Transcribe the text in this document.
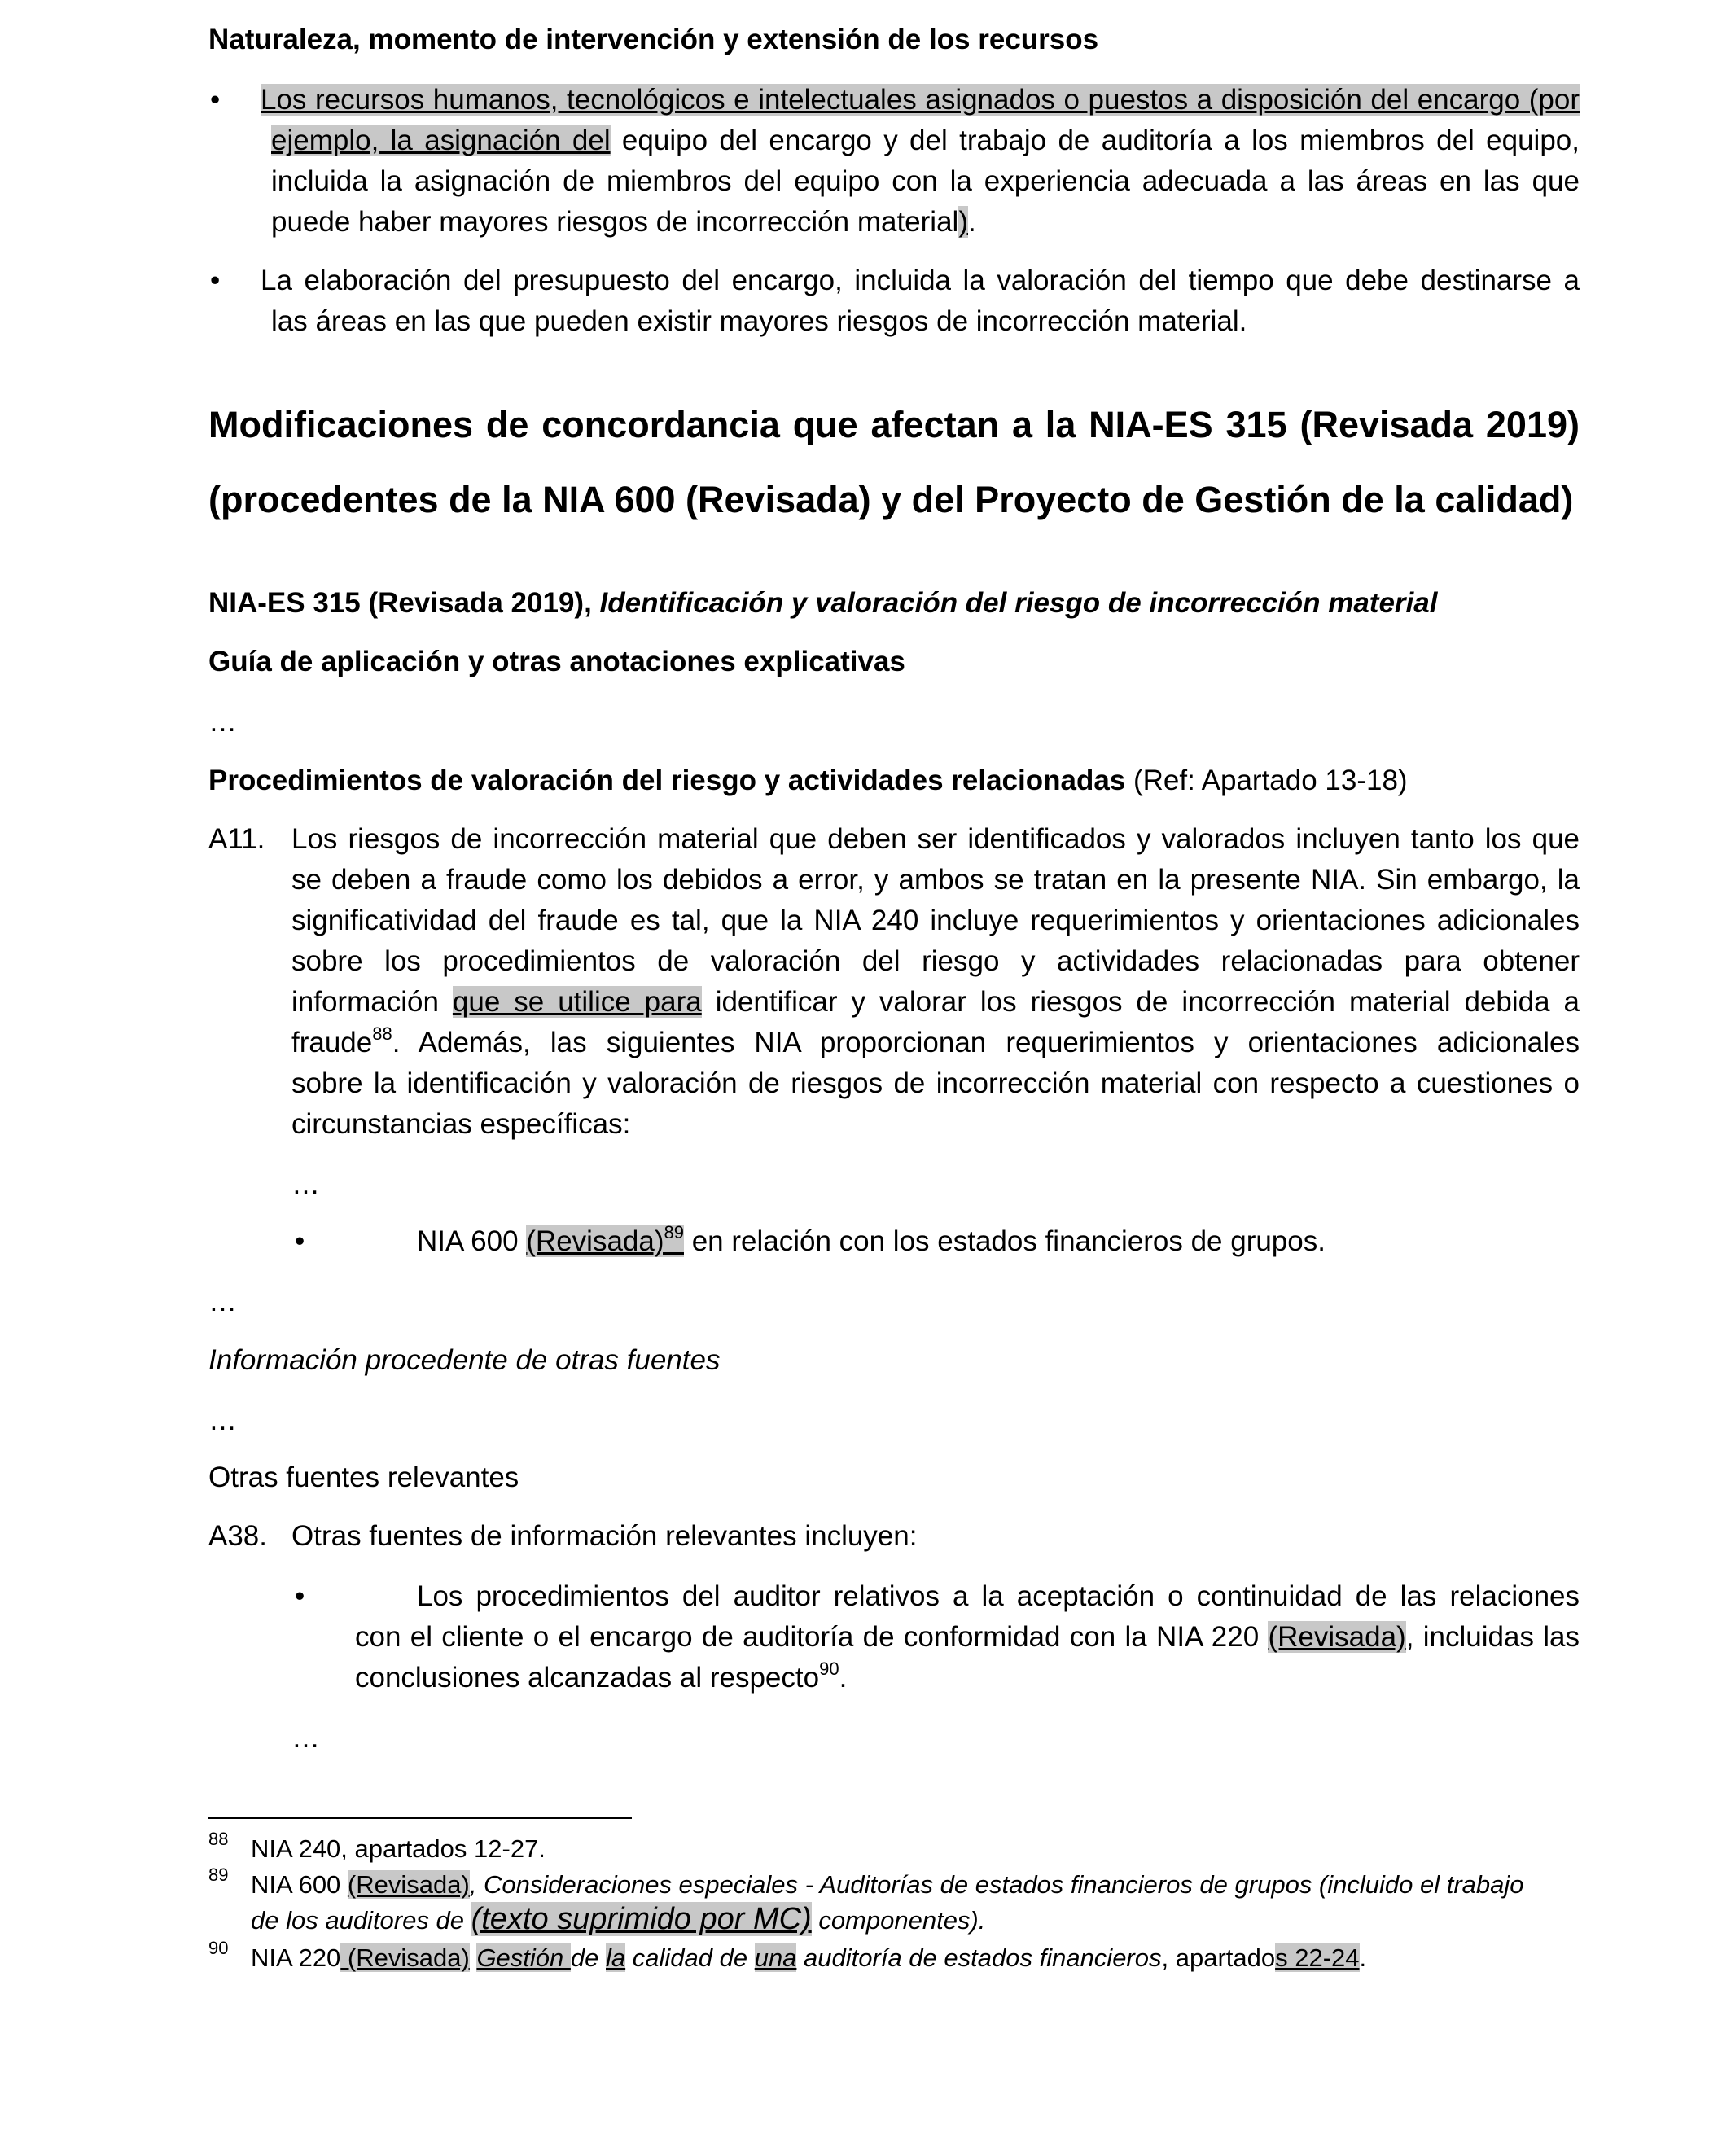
Naturaleza, momento de intervención y extensión de los recursos
• Los recursos humanos, tecnológicos e intelectuales asignados o puestos a disposición del encargo (por
ejemplo, la asignación del equipo del encargo y del trabajo de auditoría a los miembros del equipo,
incluida la asignación de miembros del equipo con la experiencia adecuada a las áreas en las que
puede haber mayores riesgos de incorrección material).
• La elaboración del presupuesto del encargo, incluida la valoración del tiempo que debe destinarse a
las áreas en las que pueden existir mayores riesgos de incorrección material.
Modificaciones de concordancia que afectan a la NIA-ES 315 (Revisada 2019)
(procedentes de la NIA 600 (Revisada) y del Proyecto de Gestión de la calidad)
NIA-ES 315 (Revisada 2019), Identificación y valoración del riesgo de incorrección material
Guía de aplicación y otras anotaciones explicativas
…
Procedimientos de valoración del riesgo y actividades relacionadas (Ref: Apartado 13-18)
A11. Los riesgos de incorrección material que deben ser identificados y valorados incluyen tanto los que
se deben a fraude como los debidos a error, y ambos se tratan en la presente NIA. Sin embargo, la
significatividad del fraude es tal, que la NIA 240 incluye requerimientos y orientaciones adicionales
sobre los procedimientos de valoración del riesgo y actividades relacionadas para obtener
información que se utilice para identificar y valorar los riesgos de incorrección material debida a
fraude$^{88}$. Además, las siguientes NIA proporcionan requerimientos y orientaciones adicionales
sobre la identificación y valoración de riesgos de incorrección material con respecto a cuestiones o
circunstancias específicas:
…
•	NIA 600 (Revisada)$^{89}$ en relación con los estados financieros de grupos.
…
Información procedente de otras fuentes
…
Otras fuentes relevantes
A38. Otras fuentes de información relevantes incluyen:
•	Los procedimientos del auditor relativos a la aceptación o continuidad de las relaciones
con el cliente o el encargo de auditoría de conformidad con la NIA 220 (Revisada), incluidas las
conclusiones alcanzadas al respecto$^{90}$.
…
88 NIA 240, apartados 12-27.
89 NIA 600 (Revisada), Consideraciones especiales - Auditorías de estados financieros de grupos (incluido el trabajo
de los auditores de (texto suprimido por MC) componentes).
90 NIA 220 (Revisada) Gestión de la calidad de una auditoría de estados financieros, apartados 22-24.
